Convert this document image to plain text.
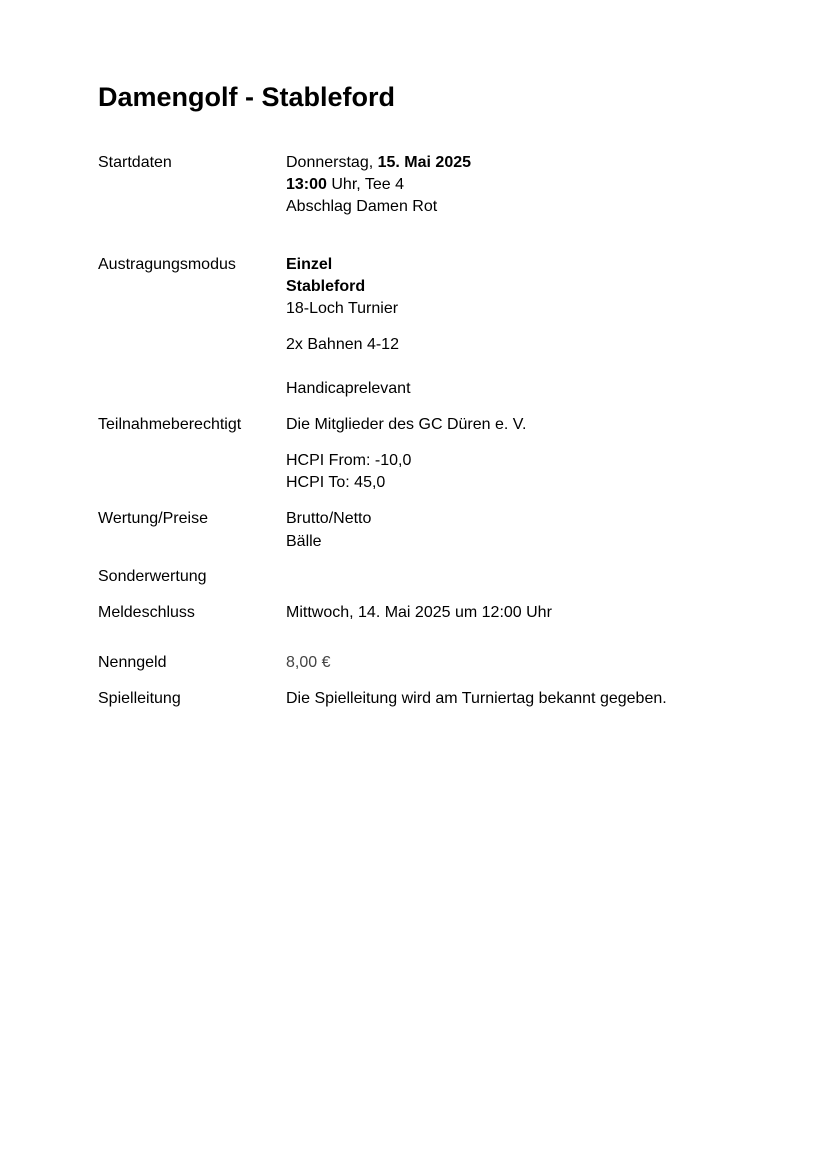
Damengolf - Stableford
Startdaten	Donnerstag, 15. Mai 2025
13:00 Uhr, Tee 4
Abschlag Damen Rot
Austragungsmodus	Einzel
Stableford
18-Loch Turnier
2x Bahnen 4-12
Handicaprelevant
Teilnahmeberechtigt	Die Mitglieder des GC Düren e. V.
HCPI From: -10,0
HCPI To: 45,0
Wertung/Preise	Brutto/Netto
Bälle
Sonderwertung
Meldeschluss	Mittwoch, 14. Mai 2025 um 12:00 Uhr
Nenngeld	8,00 €
Spielleitung	Die Spielleitung wird am Turniertag bekannt gegeben.
